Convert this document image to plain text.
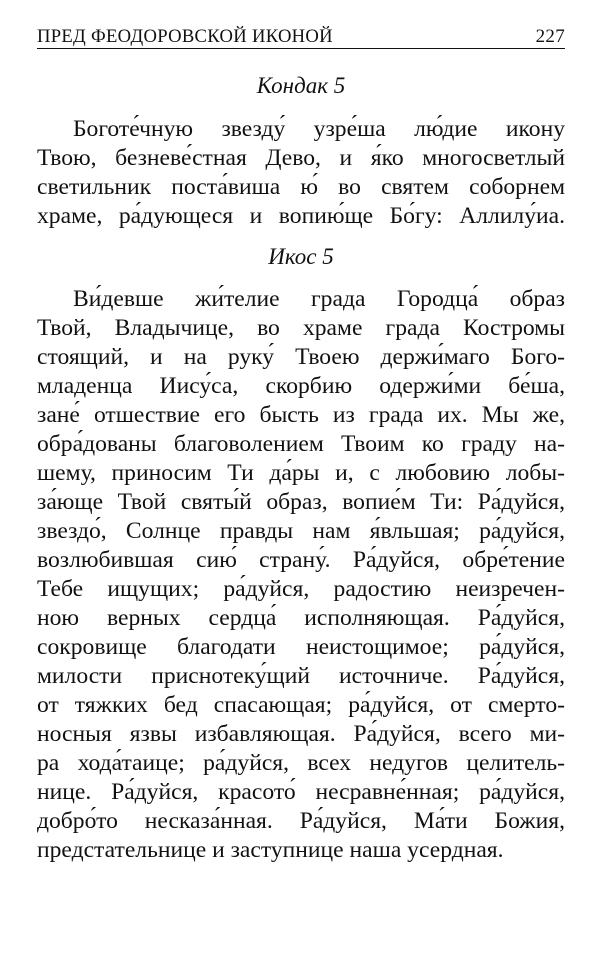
ПРЕД ФЕОДОРОВСКОЙ ИКОНОЙ	227
Кондак 5
Боготе́чную звезду́ узре́ша лю́дие икону
Твою, безневе́стная Дево, и я́ко многосветлый
светильник поста́виша ю́ во святем соборнем
храме, ра́дующеся и вопию́ще Бо́гу: Аллилу́иа.
Икос 5
Ви́девше жи́телие града Городца́ образ
Твой, Владычице, во храме града Костромы
стоящий, и на руку́ Твоею держи́маго Бого-
младенца Иису́са, скорбию одержи́ми бе́ша,
зане́ отшествие его бысть из града их. Мы же,
обра́дованы благоволением Твоим ко граду на-
шему, приносим Ти да́ры и, с любовию лобы-
за́юще Твой святы́й образ, вопие́м Ти: Ра́дуйся,
звездо́, Солнце правды нам я́вльшая; ра́дуйся,
возлюбившая сию́ страну́. Ра́дуйся, обре́тение
Тебе ищущих; ра́дуйся, радостию неизречен-
ною верных сердца́ исполняющая. Ра́дуйся,
сокровище благодати неистощимое; ра́дуйся,
милости приснотеку́щий источниче. Ра́дуйся,
от тяжких бед спасающая; ра́дуйся, от смерто-
носныя язвы избавляющая. Ра́дуйся, всего ми-
ра хода́таице; ра́дуйся, всех недугов целитель-
нице. Ра́дуйся, красото́ несравне́нная; ра́дуйся,
добро́то несказа́нная. Ра́дуйся, Ма́ти Божия,
предстательнице и заступнице наша усердная.
